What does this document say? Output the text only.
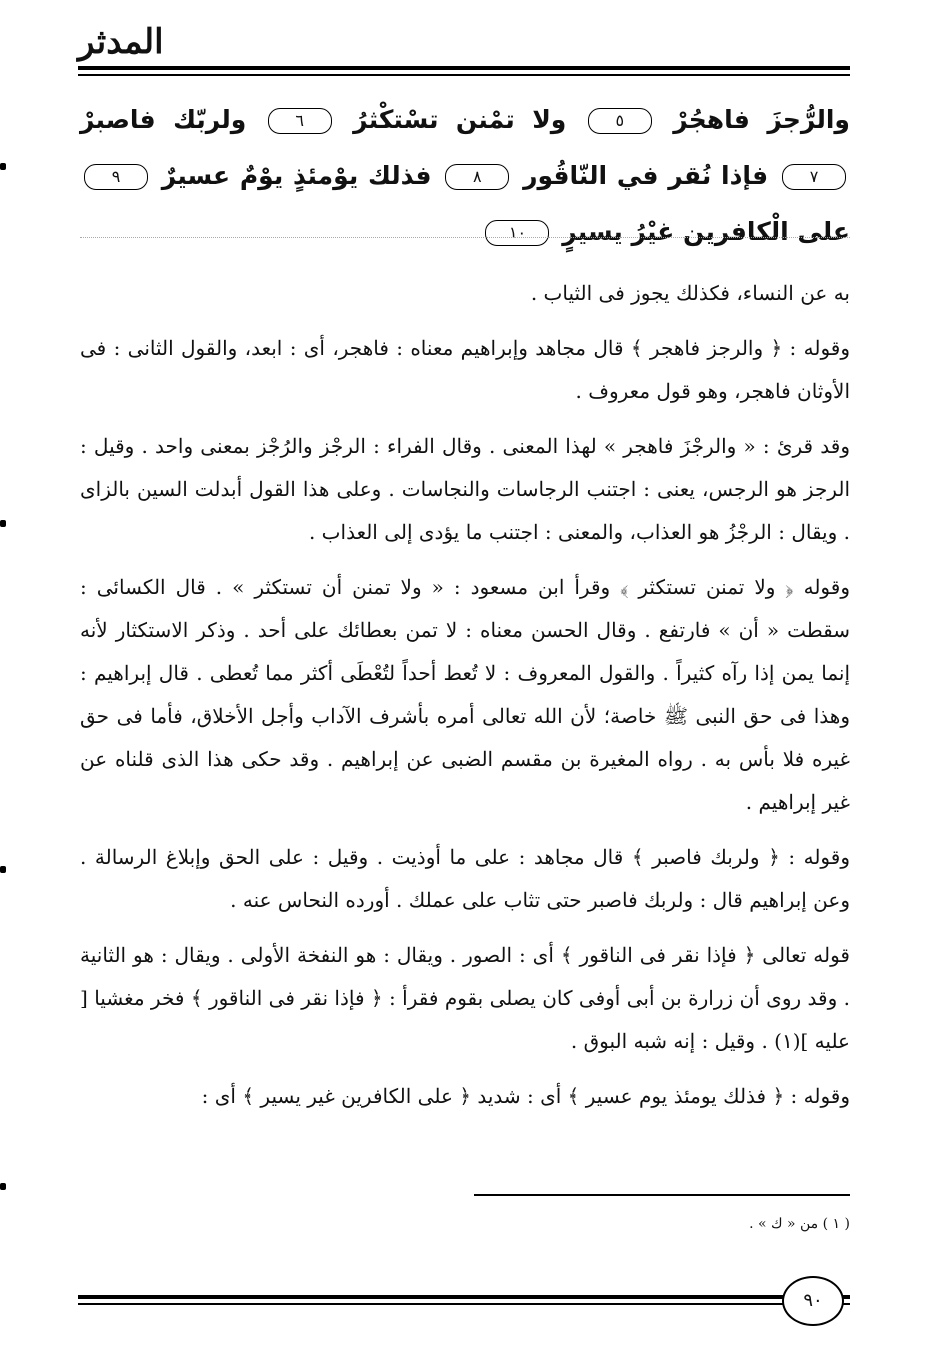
المدثر
والرُّجزَ فاهجُرْ ٥ ولا تمْنن تسْتكْثرُ ٦ ولربّك فاصبرْ ٧ فإذا نُقر في النّاقُور ٨ فذلك يوْمئذٍ يوْمٌ عسيرٌ ٩ على الْكافرين غيْرُ يسيرٍ ١٠

به عن النساء، فكذلك يجوز فى الثياب .

وقوله : ﴿ والرجز فاهجر ﴾ قال مجاهد وإبراهيم معناه : فاهجر، أى : ابعد، والقول الثانى : فى الأوثان فاهجر، وهو قول معروف .

وقد قرئ : « والرجْزَ فاهجر » لهذا المعنى . وقال الفراء : الرجْز والرُجْز بمعنى واحد . وقيل : الرجز هو الرجس، يعنى : اجتنب الرجاسات والنجاسات . وعلى هذا القول أبدلت السين بالزاى . ويقال : الرجْزُ هو العذاب، والمعنى : اجتنب ما يؤدى إلى العذاب .

وقوله ﴿ ولا تمنن تستكثر ﴾ وقرأ ابن مسعود : « ولا تمنن أن تستكثر » . قال الكسائى : سقطت « أن » فارتفع . وقال الحسن معناه : لا تمن بعطائك على أحد . وذكر الاستكثار لأنه إنما يمن إذا رآه كثيراً . والقول المعروف : لا تُعط أحداً لتُعْطَى أكثر مما تُعطى . قال إبراهيم : وهذا فى حق النبى ﷺ خاصة؛ لأن الله تعالى أمره بأشرف الآداب وأجل الأخلاق، فأما فى حق غيره فلا بأس به . رواه المغيرة بن مقسم الضبى عن إبراهيم . وقد حكى هذا الذى قلناه عن غير إبراهيم .

وقوله : ﴿ ولربك فاصبر ﴾ قال مجاهد : على ما أوذيت . وقيل : على الحق وإبلاغ الرسالة . وعن إبراهيم قال : ولربك فاصبر حتى تثاب على عملك . أورده النحاس عنه .

قوله تعالى ﴿ فإذا نقر فى الناقور ﴾ أى : الصور . ويقال : هو النفخة الأولى . ويقال : هو الثانية . وقد روى أن زرارة بن أبى أوفى كان يصلى بقوم فقرأ : ﴿ فإذا نقر فى الناقور ﴾ فخر مغشيا [ عليه ](١) . وقيل : إنه شبه البوق .

وقوله : ﴿ فذلك يومئذ يوم عسير ﴾ أى : شديد ﴿ على الكافرين غير يسير ﴾ أى :

( ١ ) من « ك » .
٩٠
